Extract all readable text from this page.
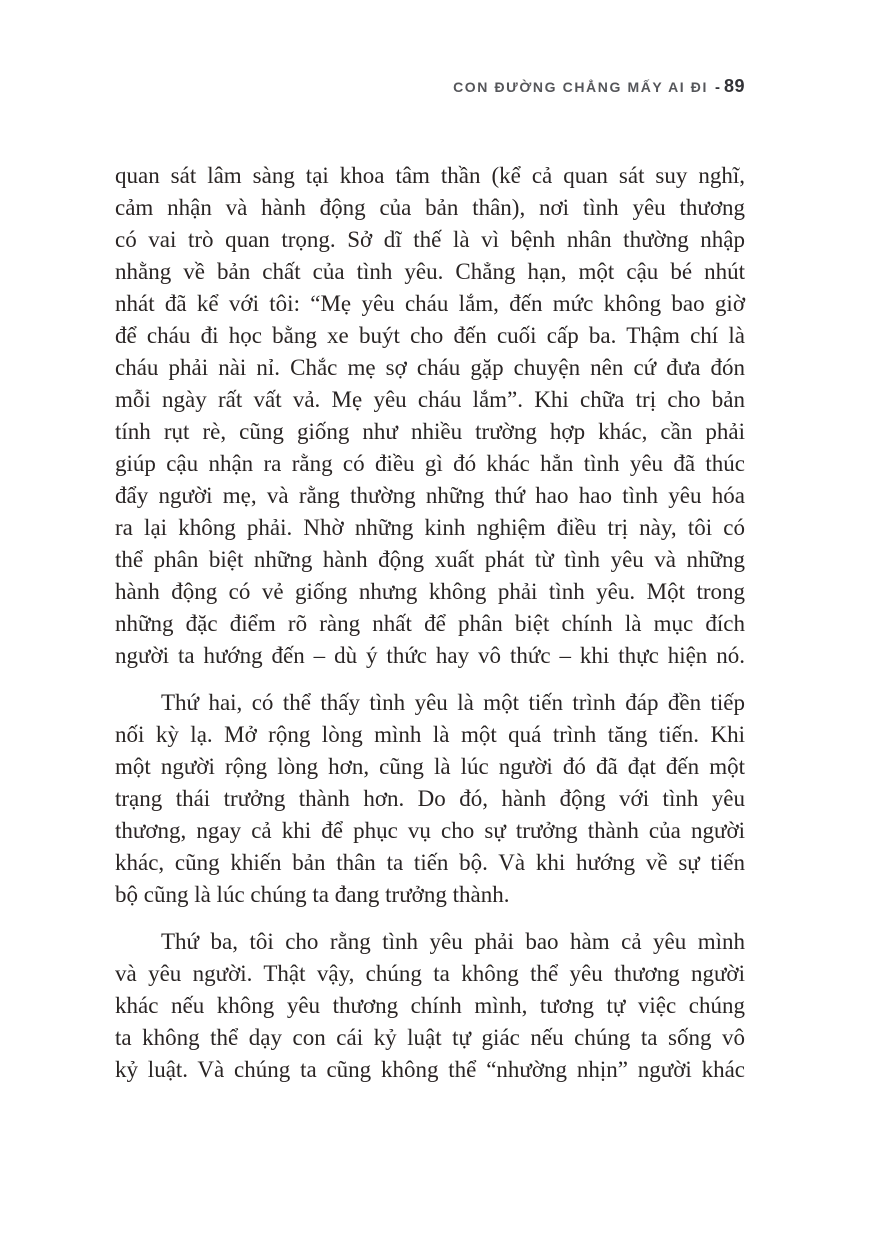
CON ĐƯỜNG CHẲNG MẤY AI ĐI - 89
quan sát lâm sàng tại khoa tâm thần (kể cả quan sát suy nghĩ,
cảm nhận và hành động của bản thân), nơi tình yêu thương
có vai trò quan trọng. Sở dĩ thế là vì bệnh nhân thường nhập
nhằng về bản chất của tình yêu. Chẳng hạn, một cậu bé nhút
nhát đã kể với tôi: “Mẹ yêu cháu lắm, đến mức không bao giờ
để cháu đi học bằng xe buýt cho đến cuối cấp ba. Thậm chí là
cháu phải nài nỉ. Chắc mẹ sợ cháu gặp chuyện nên cứ đưa đón
mỗi ngày rất vất vả. Mẹ yêu cháu lắm”. Khi chữa trị cho bản
tính rụt rè, cũng giống như nhiều trường hợp khác, cần phải
giúp cậu nhận ra rằng có điều gì đó khác hẳn tình yêu đã thúc
đẩy người mẹ, và rằng thường những thứ hao hao tình yêu hóa
ra lại không phải. Nhờ những kinh nghiệm điều trị này, tôi có
thể phân biệt những hành động xuất phát từ tình yêu và những
hành động có vẻ giống nhưng không phải tình yêu. Một trong
những đặc điểm rõ ràng nhất để phân biệt chính là mục đích
người ta hướng đến – dù ý thức hay vô thức – khi thực hiện nó.
Thứ hai, có thể thấy tình yêu là một tiến trình đáp đền tiếp
nối kỳ lạ. Mở rộng lòng mình là một quá trình tăng tiến. Khi
một người rộng lòng hơn, cũng là lúc người đó đã đạt đến một
trạng thái trưởng thành hơn. Do đó, hành động với tình yêu
thương, ngay cả khi để phục vụ cho sự trưởng thành của người
khác, cũng khiến bản thân ta tiến bộ. Và khi hướng về sự tiến
bộ cũng là lúc chúng ta đang trưởng thành.
Thứ ba, tôi cho rằng tình yêu phải bao hàm cả yêu mình
và yêu người. Thật vậy, chúng ta không thể yêu thương người
khác nếu không yêu thương chính mình, tương tự việc chúng
ta không thể dạy con cái kỷ luật tự giác nếu chúng ta sống vô
kỷ luật. Và chúng ta cũng không thể “nhường nhịn” người khác
